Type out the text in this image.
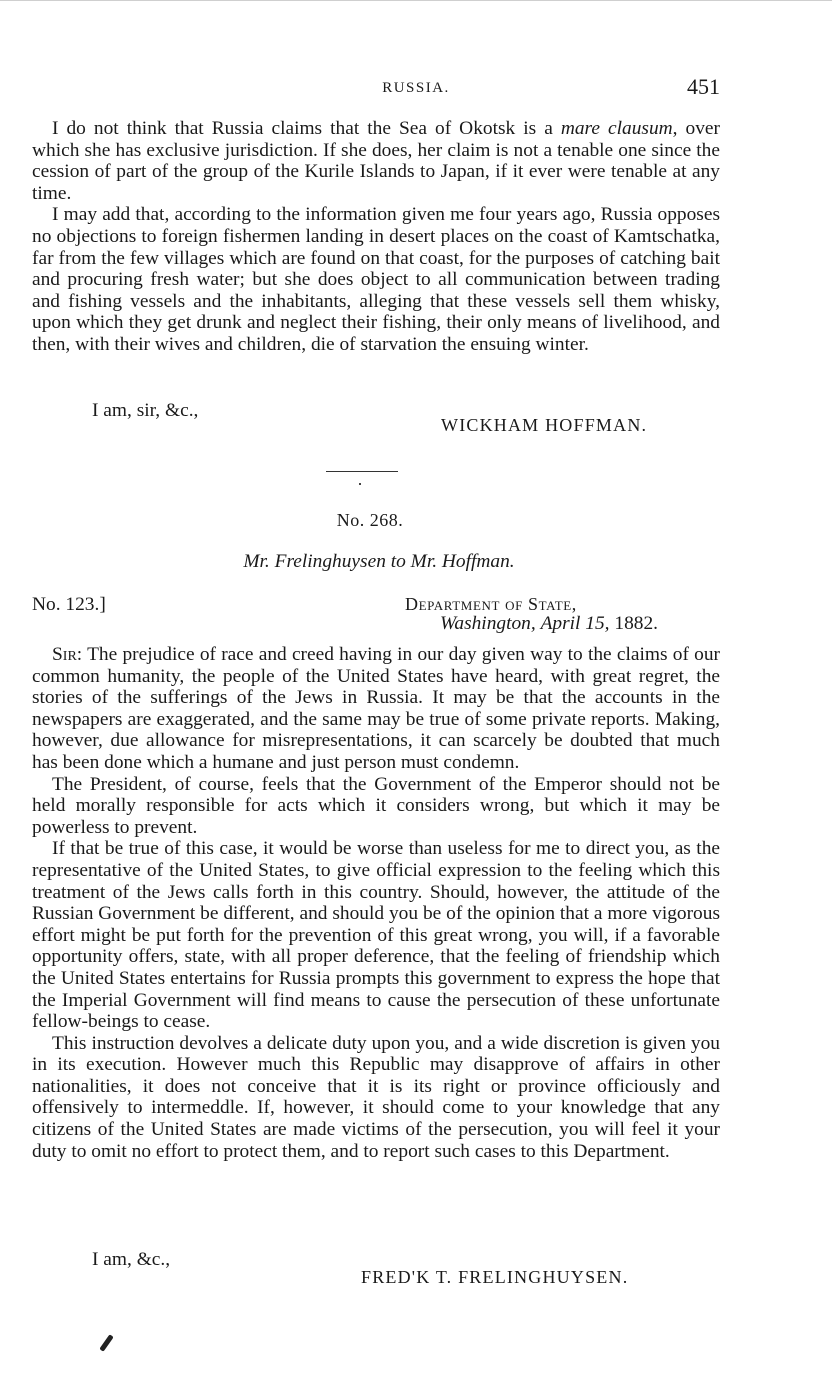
RUSSIA.	451

I do not think that Russia claims that the Sea of Okotsk is a mare clausum, over which she has exclusive jurisdiction. If she does, her claim is not a tenable one since the cession of part of the group of the Kurile Islands to Japan, if it ever were tenable at any time.

I may add that, according to the information given me four years ago, Russia opposes no objections to foreign fishermen landing in desert places on the coast of Kamtschatka, far from the few villages which are found on that coast, for the purposes of catching bait and procuring fresh water; but she does object to all communication between trading and fishing vessels and the inhabitants, alleging that these vessels sell them whisky, upon which they get drunk and neglect their fishing, their only means of livelihood, and then, with their wives and children, die of starvation the ensuing winter.

I am, sir, &c.,
WICKHAM HOFFMAN.
No. 268.
Mr. Frelinghuysen to Mr. Hoffman.
No. 123.]	Department of State,
Washington, April 15, 1882.

Sir: The prejudice of race and creed having in our day given way to the claims of our common humanity, the people of the United States have heard, with great regret, the stories of the sufferings of the Jews in Russia. It may be that the accounts in the newspapers are exaggerated, and the same may be true of some private reports. Making, however, due allowance for misrepresentations, it can scarcely be doubted that much has been done which a humane and just person must condemn.

The President, of course, feels that the Government of the Emperor should not be held morally responsible for acts which it considers wrong, but which it may be powerless to prevent.

If that be true of this case, it would be worse than useless for me to direct you, as the representative of the United States, to give official expression to the feeling which this treatment of the Jews calls forth in this country. Should, however, the attitude of the Russian Government be different, and should you be of the opinion that a more vigorous effort might be put forth for the prevention of this great wrong, you will, if a favorable opportunity offers, state, with all proper deference, that the feeling of friendship which the United States entertains for Russia prompts this government to express the hope that the Imperial Government will find means to cause the persecution of these unfortunate fellow-beings to cease.

This instruction devolves a delicate duty upon you, and a wide discretion is given you in its execution. However much this Republic may disapprove of affairs in other nationalities, it does not conceive that it is its right or province officiously and offensively to intermeddle. If, however, it should come to your knowledge that any citizens of the United States are made victims of the persecution, you will feel it your duty to omit no effort to protect them, and to report such cases to this Department.

I am, &c.,
FRED'K T. FRELINGHUYSEN.
